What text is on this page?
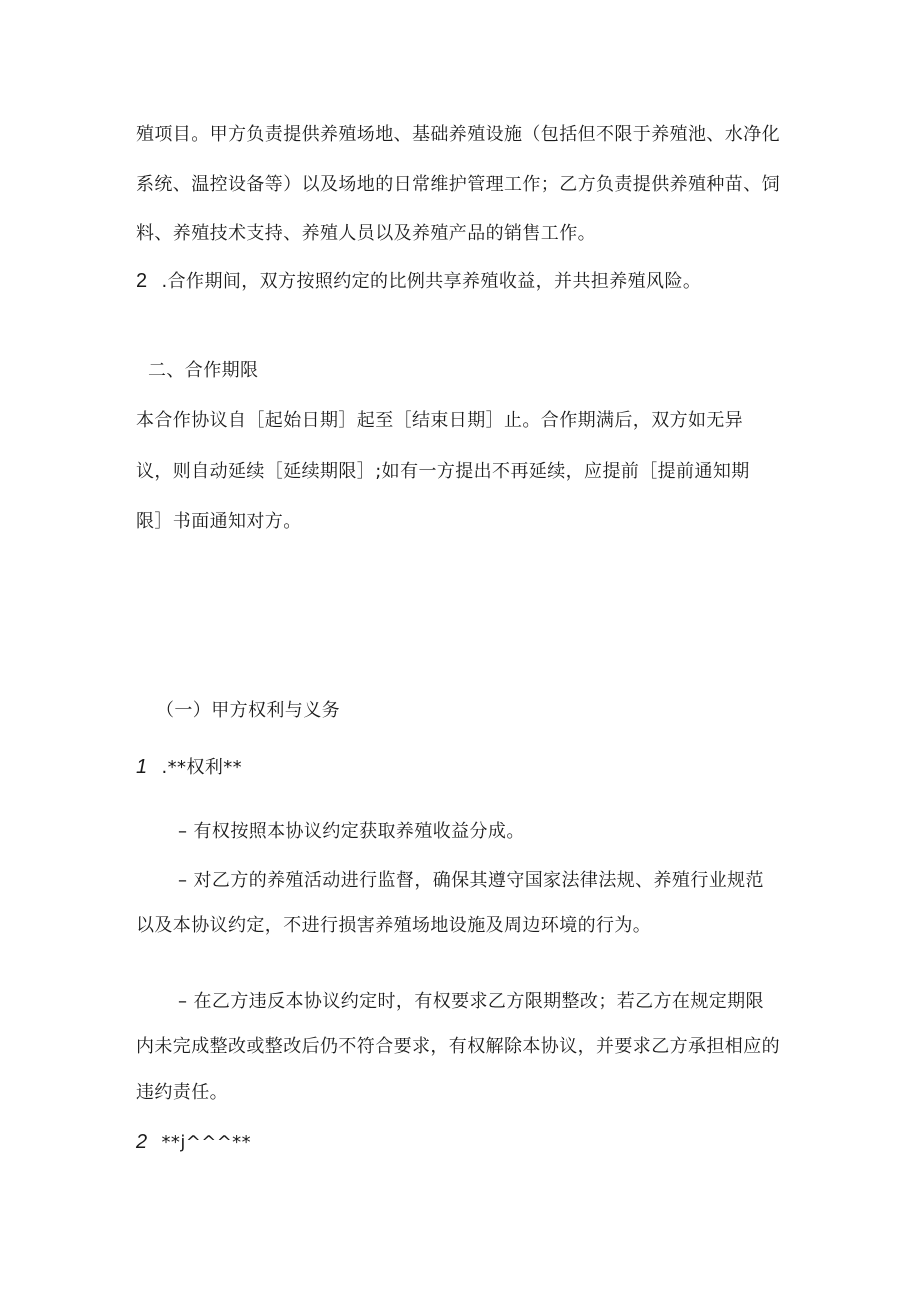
殖项目。甲方负责提供养殖场地、基础养殖设施（包括但不限于养殖池、水净化
系统、温控设备等）以及场地的日常维护管理工作；乙方负责提供养殖种苗、饲
料、养殖技术支持、养殖人员以及养殖产品的销售工作。
2 .合作期间，双方按照约定的比例共享养殖收益，并共担养殖风险。
二、合作期限
本合作协议自［起始日期］起至［结束日期］止。合作期满后，双方如无异
议，则自动延续［延续期限］;如有一方提出不再延续，应提前［提前通知期
限］书面通知对方。
（一）甲方权利与义务
1 .**权利**
– 有权按照本协议约定获取养殖收益分成。
– 对乙方的养殖活动进行监督，确保其遵守国家法律法规、养殖行业规范
以及本协议约定，不进行损害养殖场地设施及周边环境的行为。
– 在乙方违反本协议约定时，有权要求乙方限期整改；若乙方在规定期限
内未完成整改或整改后仍不符合要求，有权解除本协议，并要求乙方承担相应的
违约责任。
2 **j^^^**
